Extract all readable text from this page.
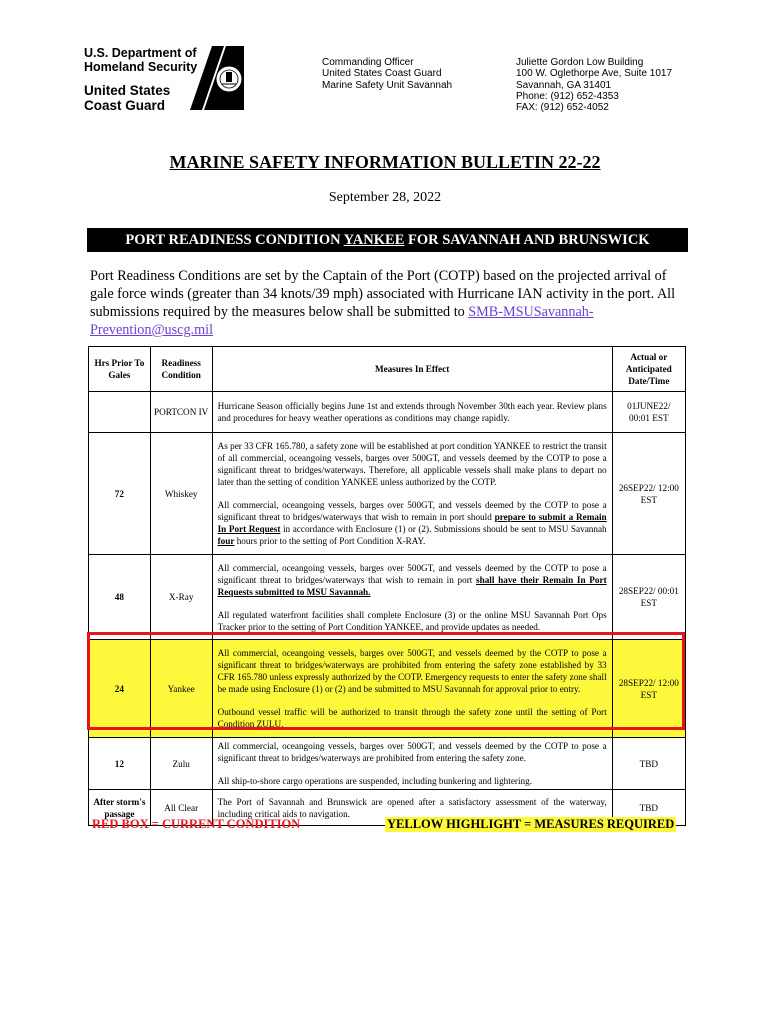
U.S. Department of
Homeland Security
United States
Coast Guard
Commanding Officer
United States Coast Guard
Marine Safety Unit Savannah
Juliette Gordon Low Building
100 W. Oglethorpe Ave, Suite 1017
Savannah, GA 31401
Phone: (912) 652-4353
FAX: (912) 652-4052
MARINE SAFETY INFORMATION BULLETIN 22-22
September 28, 2022
PORT READINESS CONDITION YANKEE FOR SAVANNAH AND BRUNSWICK
Port Readiness Conditions are set by the Captain of the Port (COTP) based on the projected arrival of gale force winds (greater than 34 knots/39 mph) associated with Hurricane IAN activity in the port. All submissions required by the measures below shall be submitted to SMB-MSUSavannah-Prevention@uscg.mil
Hrs Prior To Gales	Readiness Condition	Measures In Effect	Actual or Anticipated Date/Time
	PORTCON IV	Hurricane Season officially begins June 1st and extends through November 30th each year. Review plans and procedures for heavy weather operations as conditions may change rapidly.	01JUNE22/ 00:01 EST
72	Whiskey	As per 33 CFR 165.780, a safety zone will be established at port condition YANKEE to restrict the transit of all commercial, oceangoing vessels, barges over 500GT, and vessels deemed by the COTP to pose a significant threat to bridges/waterways. Therefore, all applicable vessels shall make plans to depart no later than the setting of condition YANKEE unless authorized by the COTP.

All commercial, oceangoing vessels, barges over 500GT, and vessels deemed by the COTP to pose a significant threat to bridges/waterways that wish to remain in port should prepare to submit a Remain In Port Request in accordance with Enclosure (1) or (2). Submissions should be sent to MSU Savannah four hours prior to the setting of Port Condition X-RAY.	26SEP22/ 12:00 EST
48	X-Ray	All commercial, oceangoing vessels, barges over 500GT, and vessels deemed by the COTP to pose a significant threat to bridges/waterways that wish to remain in port shall have their Remain In Port Requests submitted to MSU Savannah.

All regulated waterfront facilities shall complete Enclosure (3) or the online MSU Savannah Port Ops Tracker prior to the setting of Port Condition YANKEE, and provide updates as needed.	28SEP22/ 00:01 EST
24	Yankee	All commercial, oceangoing vessels, barges over 500GT, and vessels deemed by the COTP to pose a significant threat to bridges/waterways are prohibited from entering the safety zone established by 33 CFR 165.780 unless expressly authorized by the COTP. Emergency requests to enter the safety zone shall be made using Enclosure (1) or (2) and be submitted to MSU Savannah for approval prior to entry.

Outbound vessel traffic will be authorized to transit through the safety zone until the setting of Port Condition ZULU.	28SEP22/ 12:00 EST
12	Zulu	All commercial, oceangoing vessels, barges over 500GT, and vessels deemed by the COTP to pose a significant threat to bridges/waterways are prohibited from entering the safety zone.

All ship-to-shore cargo operations are suspended, including bunkering and lightering.	TBD
After storm's passage	All Clear	The Port of Savannah and Brunswick are opened after a satisfactory assessment of the waterway, including critical aids to navigation.	TBD
RED BOX = CURRENT CONDITION	YELLOW HIGHLIGHT = MEASURES REQUIRED
